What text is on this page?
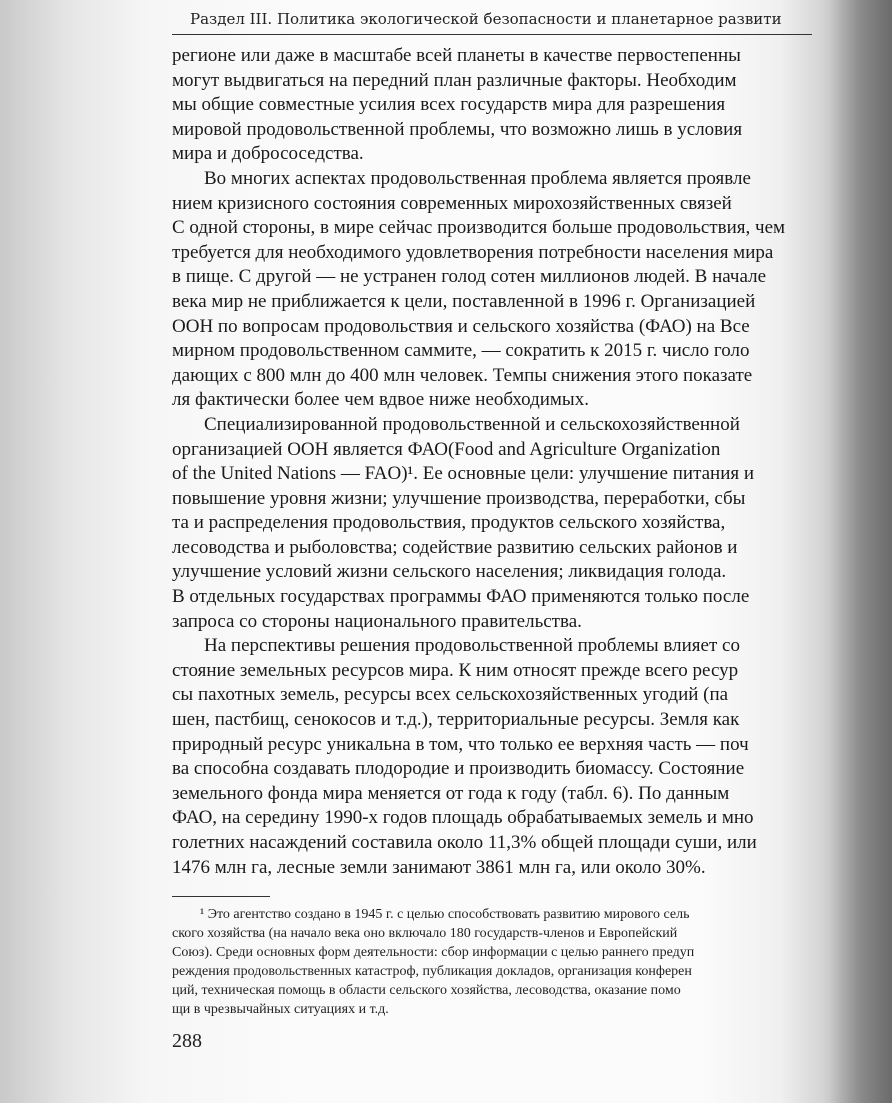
Раздел III. Политика экологической безопасности и планетарное развити
регионе или даже в масштабе всей планеты в качестве первостепенны
могут выдвигаться на передний план различные факторы. Необходим
мы общие совместные усилия всех государств мира для разрешения
мировой продовольственной проблемы, что возможно лишь в условия
мира и добрососедства.
Во многих аспектах продовольственная проблема является проявле
нием кризисного состояния современных мирохозяйственных связей
С одной стороны, в мире сейчас производится больше продовольствия, чем
требуется для необходимого удовлетворения потребности населения мира
в пище. С другой — не устранен голод сотен миллионов людей. В начале
века мир не приближается к цели, поставленной в 1996 г. Организацией
ООН по вопросам продовольствия и сельского хозяйства (ФАО) на Все
мирном продовольственном саммите, — сократить к 2015 г. число голо
дающих с 800 млн до 400 млн человек. Темпы снижения этого показате
ля фактически более чем вдвое ниже необходимых.
Специализированной продовольственной и сельскохозяйственной
организацией ООН является ФАО(Food and Agriculture Organization
of the United Nations — FAO)¹. Ее основные цели: улучшение питания и
повышение уровня жизни; улучшение производства, переработки, сбы
та и распределения продовольствия, продуктов сельского хозяйства,
лесоводства и рыболовства; содействие развитию сельских районов и
улучшение условий жизни сельского населения; ликвидация голода.
В отдельных государствах программы ФАО применяются только после
запроса со стороны национального правительства.
На перспективы решения продовольственной проблемы влияет со
стояние земельных ресурсов мира. К ним относят прежде всего ресур
сы пахотных земель, ресурсы всех сельскохозяйственных угодий (па
шен, пастбищ, сенокосов и т.д.), территориальные ресурсы. Земля как
природный ресурс уникальна в том, что только ее верхняя часть — поч
ва способна создавать плодородие и производить биомассу. Состояние
земельного фонда мира меняется от года к году (табл. 6). По данным
ФАО, на середину 1990-х годов площадь обрабатываемых земель и мно
голетних насаждений составила около 11,3% общей площади суши, или
1476 млн га, лесные земли занимают 3861 млн га, или около 30%.
¹ Это агентство создано в 1945 г. с целью способствовать развитию мирового сель
ского хозяйства (на начало века оно включало 180 государств-членов и Европейский
Союз). Среди основных форм деятельности: сбор информации с целью раннего предуп
реждения продовольственных катастроф, публикация докладов, организация конферен
ций, техническая помощь в области сельского хозяйства, лесоводства, оказание помо
щи в чрезвычайных ситуациях и т.д.
288
